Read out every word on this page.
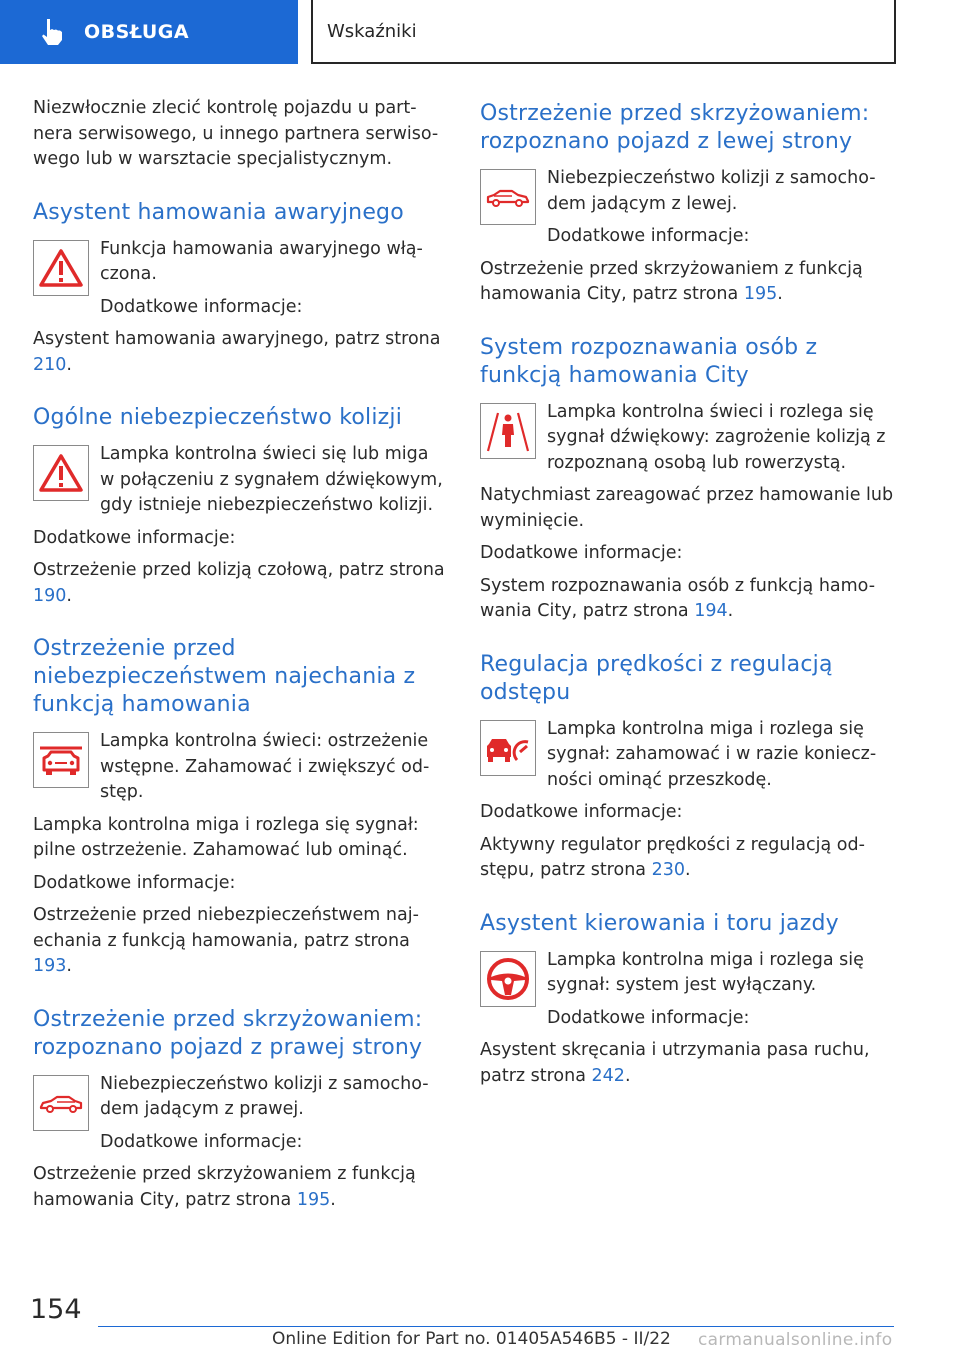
OBSŁUGA	Wskaźniki

Niezwłocznie zlecić kontrolę pojazdu u part-nera serwisowego, u innego partnera serwiso-wego lub w warsztacie specjalistycznym.

Asystent hamowania awaryjnego

Funkcja hamowania awaryjnego włą-czona.

Dodatkowe informacje:

Asystent hamowania awaryjnego, patrz strona 210.

Ogólne niebezpieczeństwo kolizji

Lampka kontrolna świeci się lub miga w połączeniu z sygnałem dźwiękowym, gdy istnieje niebezpieczeństwo kolizji.

Dodatkowe informacje:

Ostrzeżenie przed kolizją czołową, patrz strona 190.

Ostrzeżenie przed niebezpieczeństwem najechania z funkcją hamowania

Lampka kontrolna świeci: ostrzeżenie wstępne. Zahamować i zwiększyć od-stęp.

Lampka kontrolna miga i rozlega się sygnał: pilne ostrzeżenie. Zahamować lub ominąć.

Dodatkowe informacje:

Ostrzeżenie przed niebezpieczeństwem naj-echania z funkcją hamowania, patrz strona 193.

Ostrzeżenie przed skrzyżowaniem: rozpoznano pojazd z prawej strony

Niebezpieczeństwo kolizji z samocho-dem jadącym z prawej.

Dodatkowe informacje:

Ostrzeżenie przed skrzyżowaniem z funkcją hamowania City, patrz strona 195.

Ostrzeżenie przed skrzyżowaniem: rozpoznano pojazd z lewej strony

Niebezpieczeństwo kolizji z samocho-dem jadącym z lewej.

Dodatkowe informacje:

Ostrzeżenie przed skrzyżowaniem z funkcją hamowania City, patrz strona 195.

System rozpoznawania osób z funkcją hamowania City

Lampka kontrolna świeci i rozlega się sygnał dźwiękowy: zagrożenie kolizją z rozpoznaną osobą lub rowerzystą.

Natychmiast zareagować przez hamowanie lub wyminięcie.

Dodatkowe informacje:

System rozpoznawania osób z funkcją hamo-wania City, patrz strona 194.

Regulacja prędkości z regulacją odstępu

Lampka kontrolna miga i rozlega się sygnał: zahamować i w razie koniecz-ności ominąć przeszkodę.

Dodatkowe informacje:

Aktywny regulator prędkości z regulacją od-stępu, patrz strona 230.

Asystent kierowania i toru jazdy

Lampka kontrolna miga i rozlega się sygnał: system jest wyłączany.

Dodatkowe informacje:

Asystent skręcania i utrzymania pasa ruchu, patrz strona 242.

154
Online Edition for Part no. 01405A546B5 - II/22 carmanualsonline.info
